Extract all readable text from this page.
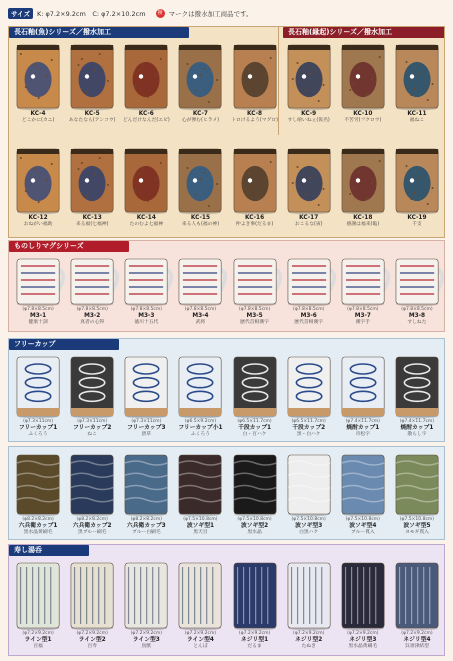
サイズ	K: φ7.2×9.2cm　C: φ7.2×10.2cm	撥 マークは撥水加工商品です。
長石釉(魚)シリーズ／撥水加工	長石釉(縁起)シリーズ／撥水加工
KC-4
どこかに(カニ)
KC-5
あなたなら(アンコウ)
KC-6
どんだけなんだ(エビ)
KC-7
心が弾む(ヒラメ)
KC-8
トロけるよう(マグロ)
KC-9
すし喰いねぇ(仮名)
KC-10
不苦労(フクロウ)
KC-11
福ねこ
KC-12
おねがい福助
KC-13
来る福(七福神)
KC-14
たのむよ七福神
KC-15
来る人も(福の神)
KC-16
仲よき事(だるま)
KC-17
おこるな(寅)
KC-18
感謝は福来(亀)
KC-19
千支
ものしりマグシリーズ
(φ7.8×8.5cm)
M3-1
健康十訓
(φ7.8×8.5cm)
M3-2
真者の心得
(φ7.8×8.5cm)
M3-3
徳川十五代
(φ7.8×8.5cm)
M3-4
武将
(φ7.8×8.5cm)
M3-5
歴代首相漢字
(φ7.8×8.5cm)
M3-6
歴代首相漢字
(φ7.8×8.5cm)
M3-7
漢字手
(φ7.8×8.5cm)
M3-8
すしねた
フリーカップ
(φ7.3×11cm)
フリーカップ1
ふくろう
(φ7.3×11cm)
フリーカップ2
ねこ
(φ7.3×11cm)
フリーカップ3
唐草
(φ6.5×9.2cm)
フリーカップ小1
ふくろう
(φ6.5×11.7cm)
千段カップ1
白・百ハケ
(φ6.5×11.7cm)
千段カップ2
黒・白ハケ
(φ7.4×11.7cm)
焼酎カップ1
市松字
(φ7.4×11.7cm)
焼酎カップ1
散らし字
(φ8.2×8.2cm)
六兵衛カップ1
黒水晶黄刷毛
(φ8.2×8.2cm)
六兵衛カップ2
黒ブルー刷毛
(φ8.2×8.2cm)
六兵衛カップ3
ブルー白刷毛
(φ7.5×10.8cm)
波ソギ型1
黒天目
(φ7.5×10.8cm)
波ソギ型2
黒水晶
(φ7.5×10.8cm)
波ソギ型3
白黒ハケ
(φ7.5×10.8cm)
波ソギ型4
ブルー貫入
(φ7.5×10.8cm)
波ソギ型5
ヨモギ貫入
寿し湯呑
(φ7.2×9.2cm)
ライン型1
百福
(φ7.2×9.2cm)
ライン型2
百寿
(φ7.2×9.2cm)
ライン型3
鳥獣
(φ7.2×9.2cm)
ライン型4
とんぼ
(φ7.2×9.2cm)
ネジリ型1
だるま
(φ7.2×9.2cm)
ネジリ型2
たぬき
(φ7.2×9.2cm)
ネジリ型3
黒水晶黄刷毛
(φ7.2×9.2cm)
ネジリ型4
呉須津結型
